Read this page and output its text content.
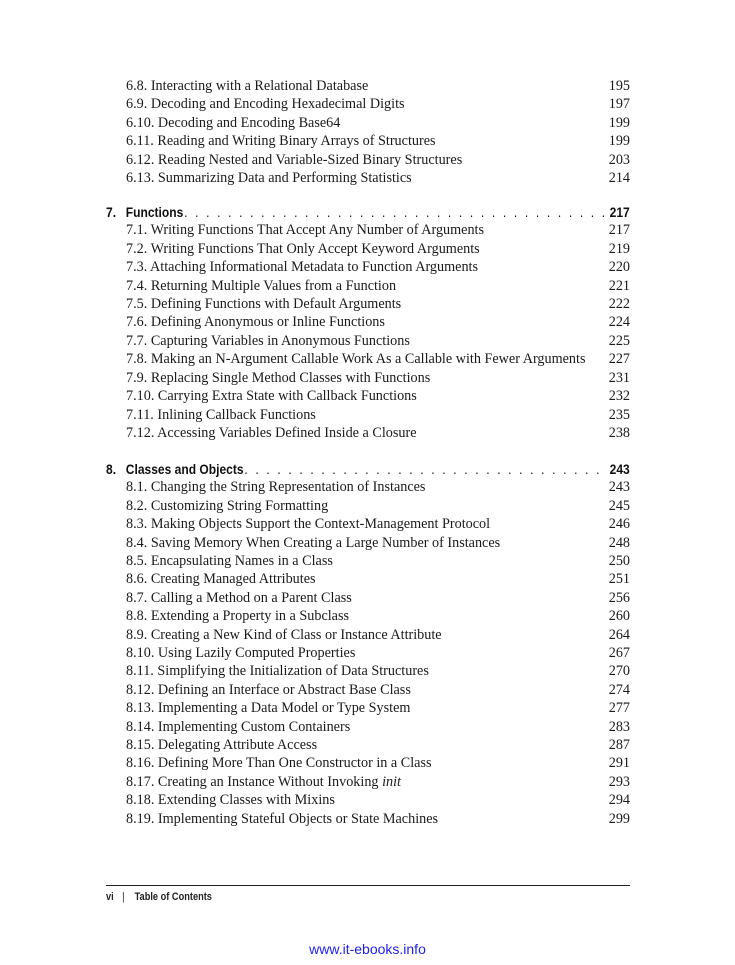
6.8. Interacting with a Relational Database	195
6.9. Decoding and Encoding Hexadecimal Digits	197
6.10. Decoding and Encoding Base64	199
6.11. Reading and Writing Binary Arrays of Structures	199
6.12. Reading Nested and Variable-Sized Binary Structures	203
6.13. Summarizing Data and Performing Statistics	214
7. Functions . . .	217
7.1. Writing Functions That Accept Any Number of Arguments	217
7.2. Writing Functions That Only Accept Keyword Arguments	219
7.3. Attaching Informational Metadata to Function Arguments	220
7.4. Returning Multiple Values from a Function	221
7.5. Defining Functions with Default Arguments	222
7.6. Defining Anonymous or Inline Functions	224
7.7. Capturing Variables in Anonymous Functions	225
7.8. Making an N-Argument Callable Work As a Callable with Fewer Arguments 227
7.9. Replacing Single Method Classes with Functions	231
7.10. Carrying Extra State with Callback Functions	232
7.11. Inlining Callback Functions	235
7.12. Accessing Variables Defined Inside a Closure	238
8. Classes and Objects . . .	243
8.1. Changing the String Representation of Instances	243
8.2. Customizing String Formatting	245
8.3. Making Objects Support the Context-Management Protocol	246
8.4. Saving Memory When Creating a Large Number of Instances	248
8.5. Encapsulating Names in a Class	250
8.6. Creating Managed Attributes	251
8.7. Calling a Method on a Parent Class	256
8.8. Extending a Property in a Subclass	260
8.9. Creating a New Kind of Class or Instance Attribute	264
8.10. Using Lazily Computed Properties	267
8.11. Simplifying the Initialization of Data Structures	270
8.12. Defining an Interface or Abstract Base Class	274
8.13. Implementing a Data Model or Type System	277
8.14. Implementing Custom Containers	283
8.15. Delegating Attribute Access	287
8.16. Defining More Than One Constructor in a Class	291
8.17. Creating an Instance Without Invoking init	293
8.18. Extending Classes with Mixins	294
8.19. Implementing Stateful Objects or State Machines	299
vi | Table of Contents
www.it-ebooks.info
